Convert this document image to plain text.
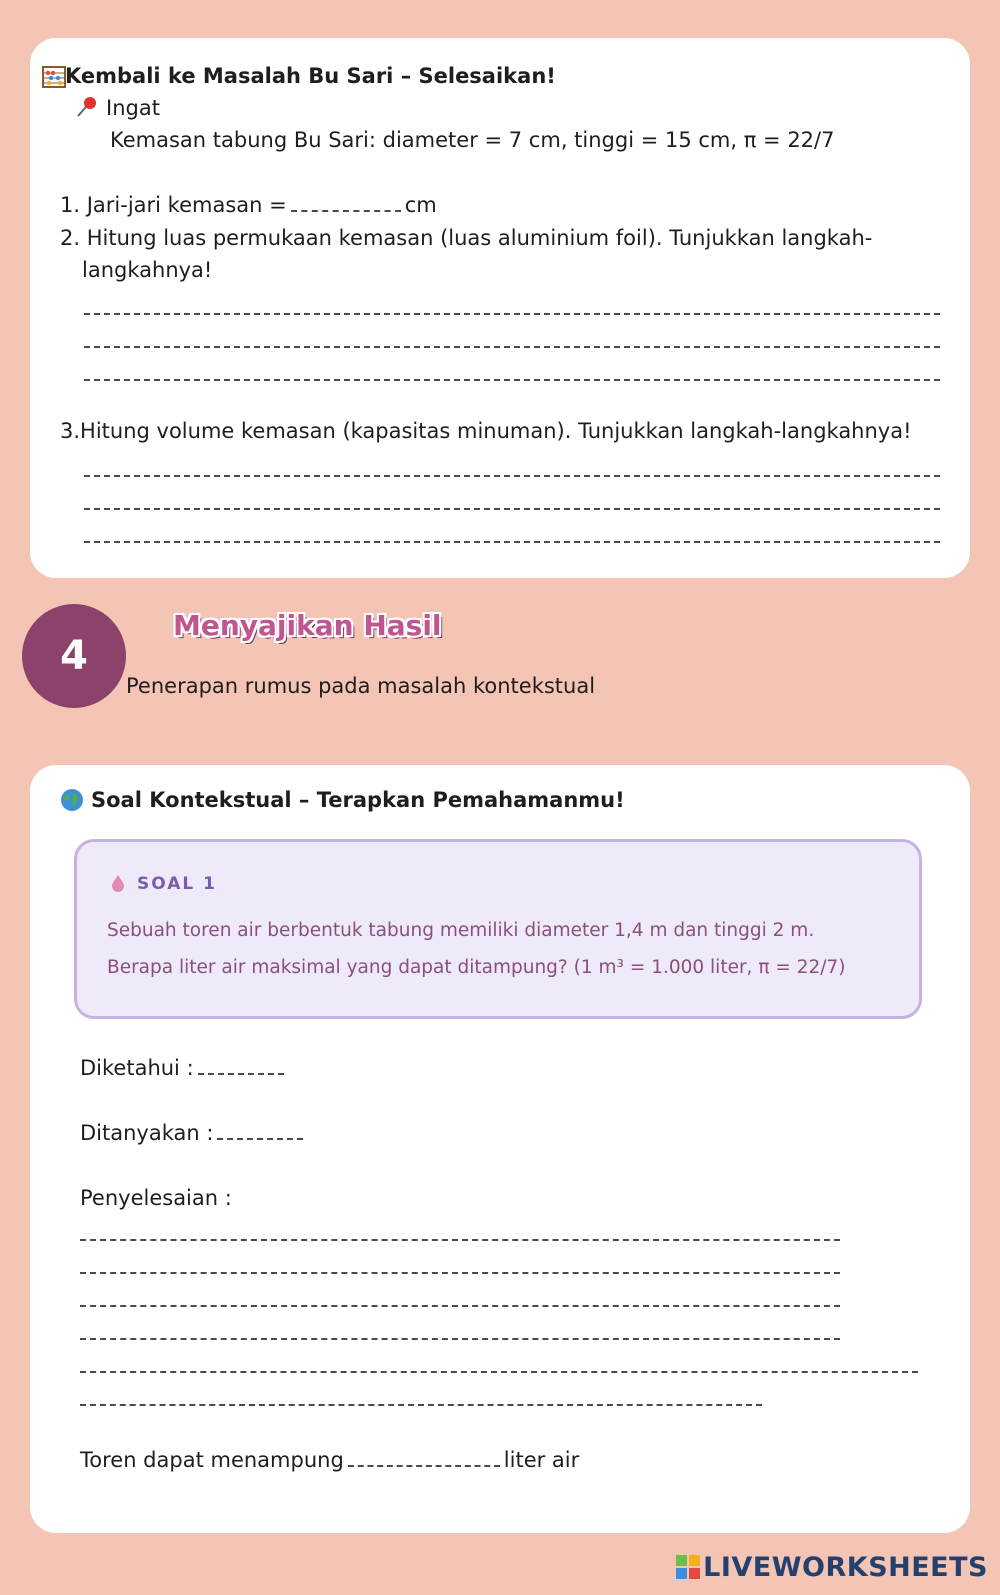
Kembali ke Masalah Bu Sari – Selesaikan!
Ingat
Kemasan tabung Bu Sari: diameter = 7 cm, tinggi = 15 cm, π = 22/7
1. Jari-jari kemasan =	cm
2. Hitung luas permukaan kemasan (luas aluminium foil). Tunjukkan langkah-
langkahnya!
3.Hitung volume kemasan (kapasitas minuman). Tunjukkan langkah-langkahnya!
4
Menyajikan Hasil
Penerapan rumus pada masalah kontekstual
Soal Kontekstual – Terapkan Pemahamanmu!
SOAL 1
Sebuah toren air berbentuk tabung memiliki diameter 1,4 m dan tinggi 2 m.
Berapa liter air maksimal yang dapat ditampung? (1 m³ = 1.000 liter, π = 22/7)
Diketahui :
Ditanyakan :
Penyelesaian :
Toren dapat menampung	liter air
LIVEWORKSHEETS
